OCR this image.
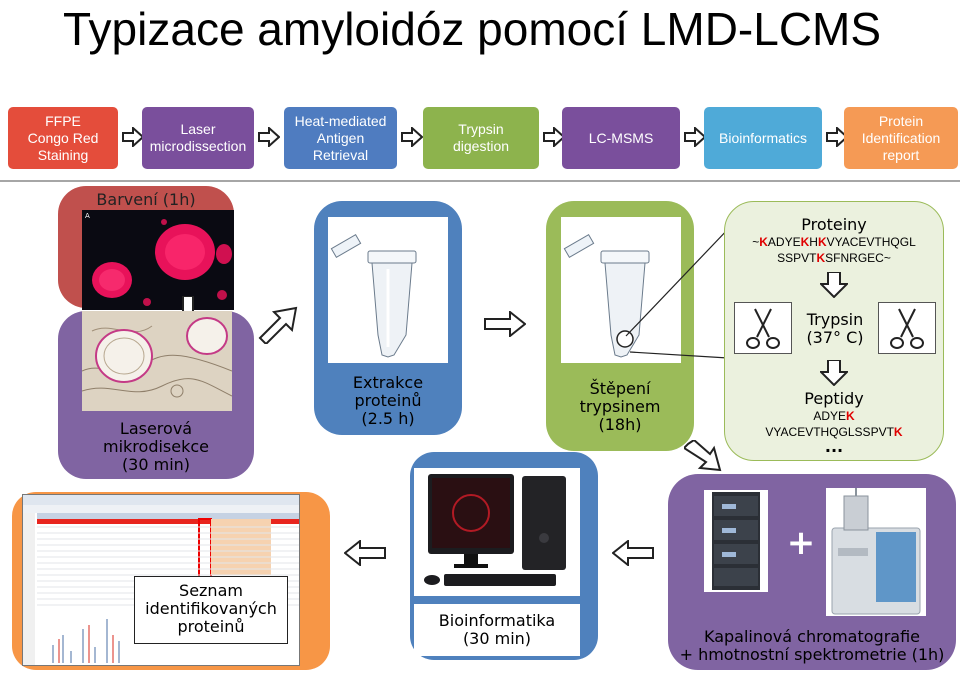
Typizace amyloidóz pomocí LMD-LCMS
FFPE
Congo Red
Staining
Laser
microdissection
Heat-mediated
Antigen
Retrieval
Trypsin
digestion
LC-MSMS	Bioinformatics
Protein
Identification
report
Barvení (1h)
A
Laserová
mikrodisekce
(30 min)
Extrakce
proteinů
(2.5 h)
Štěpení
trypsinem
(18h)
Proteiny
~KADYEKHKVYACEVTHQGL
SSPVTKSFNRGEC~
Trypsin
(37° C)
Peptidy
ADYEK
VYACEVTHQGLSSPVTK
...
+
Kapalinová chromatografie
+ hmotnostní spektrometrie (1h)
Bioinformatika
(30 min)
Seznam
identifikovaných
proteinů
